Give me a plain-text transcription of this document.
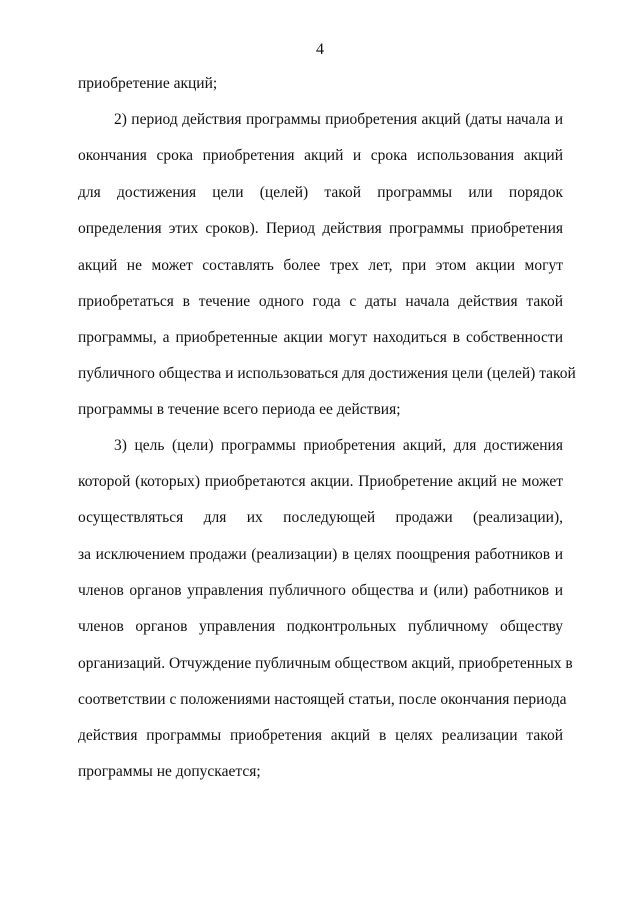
4
приобретение акций;
2) период действия программы приобретения акций (даты начала и
окончания срока приобретения акций и срока использования акций
для достижения цели (целей) такой программы или порядок
определения этих сроков). Период действия программы приобретения
акций не может составлять более трех лет, при этом акции могут
приобретаться в течение одного года с даты начала действия такой
программы, а приобретенные акции могут находиться в собственности
публичного общества и использоваться для достижения цели (целей) такой
программы в течение всего периода ее действия;
3) цель (цели) программы приобретения акций, для достижения
которой (которых) приобретаются акции. Приобретение акций не может
осуществляться для их последующей продажи (реализации),
за исключением продажи (реализации) в целях поощрения работников и
членов органов управления публичного общества и (или) работников и
членов органов управления подконтрольных публичному обществу
организаций. Отчуждение публичным обществом акций, приобретенных в
соответствии с положениями настоящей статьи, после окончания периода
действия программы приобретения акций в целях реализации такой
программы не допускается;
